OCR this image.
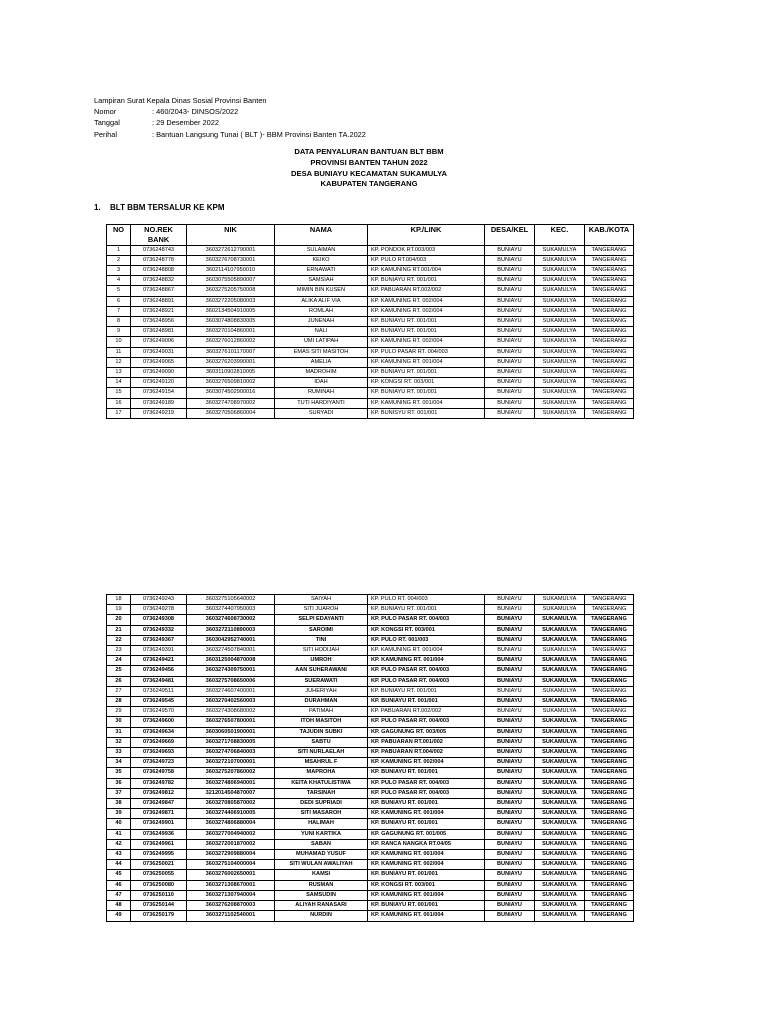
Lampiran Surat Kepala Dinas Sosial Provinsi Banten
Nomor	: 460/2043- DINSOS/2022
Tanggal	: 29 Desember 2022
Perihal	: Bantuan Langsung Tunai ( BLT )- BBM Provinsi Banten TA.2022
DATA PENYALURAN BANTUAN BLT BBM
PROVINSI BANTEN TAHUN 2022
DESA BUNIAYU KECAMATAN SUKAMULYA
KABUPATEN TANGERANG
1. BLT BBM TERSALUR KE KPM
NO	NO.REK BANK	NIK	NAMA	KP./LINK	DESA/KEL	KEC.	KAB./KOTA

1	0736248743	3603272612790001	SULAIMAN	KP. PONDOK RT.003/003	BUNIAYU	SUKAMULYA	TANGERANG
2	0736248778	3603276708730001	KEIKO	KP. PULO RT.004/003	BUNIAYU	SUKAMULYA	TANGERANG
3	0736248808	3602114107950010	ERNAWATI	KP. KAMUNING RT.001/004	BUNIAYU	SUKAMULYA	TANGERANG
4	0736248832	3603075505890007	SAMSIAH	KP. BUNIAYU RT. 001/001	BUNIAYU	SUKAMULYA	TANGERANG
5	0736248867	3603275205750008	MIMIN BIN KUSEN	KP. PABUARAN RT.002/002	BUNIAYU	SUKAMULYA	TANGERANG
6	0736248891	3603272205080003	ALIKA ALIF VIA	KP. KAMUNING RT. 002/004	BUNIAYU	SUKAMULYA	TANGERANG
7	0736248921	3602134504910005	ROMLAH	KP. KAMUNING RT. 002/004	BUNIAYU	SUKAMULYA	TANGERANG
8	0736248956	3603074808830005	JUNENAH	KP. BUNIAYU RT. 001/001	BUNIAYU	SUKAMULYA	TANGERANG
9	0736248981	3603270104860001	NALI	KP. BUNIAYU RT. 001/001	BUNIAYU	SUKAMULYA	TANGERANG
10	0736249006	3603276012860002	UMI LATIPAH	KP. KAMUNING RT. 002/004	BUNIAYU	SUKAMULYA	TANGERANG
11	0736249031	3603276101170007	EMAS SITI MASITOH	KP. PULO PASAR RT. 004/003	BUNIAYU	SUKAMULYA	TANGERANG
12	0736249065	3603276203990001	AMELIA	KP. KAMUNING RT. 001/004	BUNIAYU	SUKAMULYA	TANGERANG
13	0736249090	3603110902810005	MADROHIM	KP. BUNIAYU RT. 001/001	BUNIAYU	SUKAMULYA	TANGERANG
14	0736249120	3603276509810002	IDAH	KP. KONGSI RT. 003/001	BUNIAYU	SUKAMULYA	TANGERANG
15	0736249154	3603074502900016	RUMINAH	KP. BUNIAYU RT. 001/001	BUNIAYU	SUKAMULYA	TANGERANG
16	0736249189	3603274708970002	TUTI HARDIYANTI	KP. KAMUNING RT. 001/004	BUNIAYU	SUKAMULYA	TANGERANG
17	0736249219	3603270506860004	SURYADI	KP. BUNISYU RT. 001/001	BUNIAYU	SUKAMULYA	TANGERANG
18	0736249243	3603275105640002	SAIYAH	KP. PULO RT. 004/003	BUNIAYU	SUKAMULYA	TANGERANG
19	0736249278	3603274407950003	SITI JUAROH	KP. BUNIAYU RT. 001/001	BUNIAYU	SUKAMULYA	TANGERANG
20	0736249308	3603274608730002	SELPI EDAYANTI	KP. PULO PASAR RT. 004/003	BUNIAYU	SUKAMULYA	TANGERANG
21	0736249332	3603272110890003	SAROIMI	KP. KONGSI RT. 003/001	BUNIAYU	SUKAMULYA	TANGERANG
22	0736249367	3603042952740001	TINI	KP. PULO RT. 001/003	BUNIAYU	SUKAMULYA	TANGERANG
23	0736249391	3603274507840001	SITI HODIJAH	KP. KAMUNING RT. 001/004	BUNIAYU	SUKAMULYA	TANGERANG
24	0736249421	3603125004870008	UMROH	KP. KAMUNING RT. 001/004	BUNIAYU	SUKAMULYA	TANGERANG
25	0736249456	3603274309750001	AAN SUHERAWANI	KP. PULO PASAR RT. 004/003	BUNIAYU	SUKAMULYA	TANGERANG
26	0736249481	3603275708650006	SUERAWATI	KP. PULO PASAR RT. 004/003	BUNIAYU	SUKAMULYA	TANGERANG
27	0736249511	3603274607400001	JUHERIYAH	KP. BUNIAYU RT. 001/001	BUNIAYU	SUKAMULYA	TANGERANG
28	0736249545	3603270402560003	DURAHMAN	KP. BUNIAYU RT. 001/001	BUNIAYU	SUKAMULYA	TANGERANG
29	0736249570	3603274308680002	PATIMAH	KP. PABUARAN RT.002/002	BUNIAYU	SUKAMULYA	TANGERANG
30	0736249600	3603276507800001	ITOH MASITOH	KP. PULO PASAR RT. 004/003	BUNIAYU	SUKAMULYA	TANGERANG
31	0736249634	3603060501900001	TAJUDIN SUBKI	KP. GAGUNUNG RT. 003/005	BUNIAYU	SUKAMULYA	TANGERANG
32	0736249669	3603271708830005	SABTU	KP. PABUARAN RT.001/002	BUNIAYU	SUKAMULYA	TANGERANG
33	0736249693	3603274706840003	SITI NURLAELAH	KP. PABUARAN RT.004/002	BUNIAYU	SUKAMULYA	TANGERANG
34	0736249723	3603272107000001	MSAHRUL F	KP. KAMUNING RT. 002/004	BUNIAYU	SUKAMULYA	TANGERANG
35	0736249758	3603275207860002	MAPROHA	KP. BUNIAYU RT. 001/001	BUNIAYU	SUKAMULYA	TANGERANG
36	0736249782	3603274806940001	KEITA KHATULISTIWA	KP. PULO PASAR RT. 004/003	BUNIAYU	SUKAMULYA	TANGERANG
37	0736249812	3212014504870007	TARSINAH	KP. PULO PASAR RT. 004/003	BUNIAYU	SUKAMULYA	TANGERANG
38	0736249847	3603270805870002	DEDI SUPRIADI	KP. BUNIAYU RT. 001/001	BUNIAYU	SUKAMULYA	TANGERANG
39	0736249871	3603274406910005	SITI MASAROH	KP. KAMUNING RT. 001/004	BUNIAYU	SUKAMULYA	TANGERANG
40	0736249901	3603274806880004	HALIMAH	KP. BUNIAYU RT. 001/001	BUNIAYU	SUKAMULYA	TANGERANG
41	0736249936	3603277004940002	YUNI KARTIKA	KP. GAGUNUNG RT. 001/005	BUNIAYU	SUKAMULYA	TANGERANG
42	0736249961	3603272001870002	SABAN	KP. RANCA NANGKA RT.04/05	BUNIAYU	SUKAMULYA	TANGERANG
43	0736249995	3603272909880004	MUHAMAD YUSUF	KP. KAMUNING RT. 001/004	BUNIAYU	SUKAMULYA	TANGERANG
44	0736250021	3603275104000004	SITI WULAN AWALIYAH	KP. KAMUNING RT. 002/004	BUNIAYU	SUKAMULYA	TANGERANG
45	0736250055	3603276002650001	KAMSI	KP. BUNIAYU RT. 001/001	BUNIAYU	SUKAMULYA	TANGERANG
46	0736250080	3603271308670001	RUSMAN	KP. KONGSI RT. 003/001	BUNIAYU	SUKAMULYA	TANGERANG
47	0736250110	3603271307940004	SAMSUDIN	KP. KAMUNING RT. 001/004	BUNIAYU	SUKAMULYA	TANGERANG
48	0736250144	3603276208870003	ALIYAH RANASARI	KP. BUNIAYU RT. 001/001	BUNIAYU	SUKAMULYA	TANGERANG
49	0736250179	3603271102540001	NURDIN	KP. KAMUNING RT. 001/004	BUNIAYU	SUKAMULYA	TANGERANG
